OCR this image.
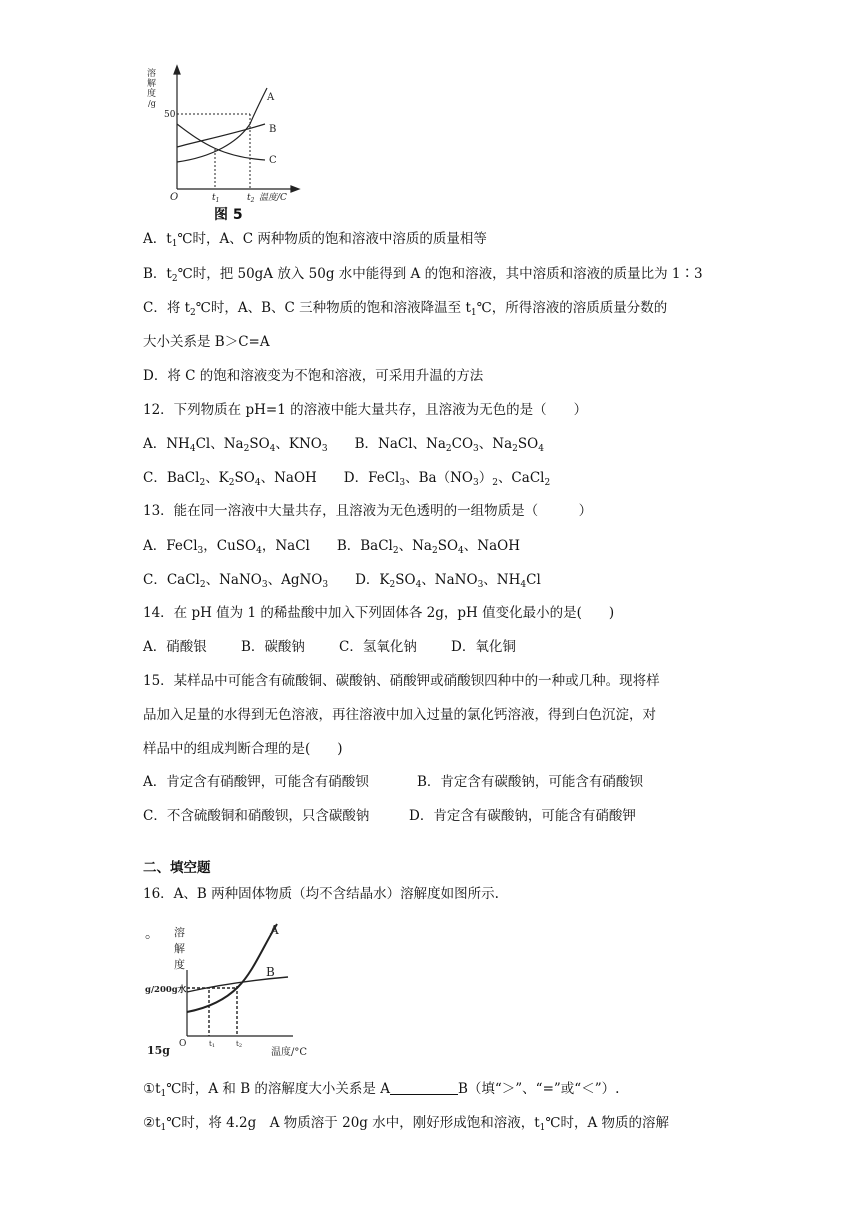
溶
解
度
/g
50
O	$t_1$	$t_2$ 温度/C
A
B
C
图 5
A．$t_1℃$时，A、C 两种物质的饱和溶液中溶质的质量相等
B．$t_2℃$时，把 50gA 放入 50g 水中能得到 A 的饱和溶液，其中溶质和溶液的质量比为 1∶3
C．将 $t_2℃$时，A、B、C 三种物质的饱和溶液降温至 $t_1℃$，所得溶液的溶质质量分数的
大小关系是 B＞C=A
D．将 C 的饱和溶液变为不饱和溶液，可采用升温的方法
12．下列物质在 pH=1 的溶液中能大量共存，且溶液为无色的是（　　）
A．$NH_4Cl$、$Na_2SO_4$、$KNO_3$　　B．NaCl、$Na_2CO_3$、$Na_2SO_4$
C．BaCl$_2$、$K_2SO_4$、NaOH　　D．FeCl$_3$、$Ba(NO_3)_2$、CaCl$_2$
13．能在同一溶液中大量共存，且溶液为无色透明的一组物质是（　　　）
A．FeCl$_3$，CuSO$_4$，NaCl　　B．BaCl$_2$、$Na_2SO_4$、NaOH
C．CaCl$_2$、NaNO$_3$、AgNO$_3$　　D．$K_2SO_4$、NaNO$_3$、$NH_4Cl$
14．在 pH 值为 1 的稀盐酸中加入下列固体各 2g，pH 值变化最小的是(　　)
A．硝酸银	B．碳酸钠	C．氢氧化钠	D．氧化铜
15．某样品中可能含有硫酸铜、碳酸钠、硝酸钾或硝酸钡四种中的一种或几种。现将样
品加入足量的水得到无色溶液，再往溶液中加入过量的氯化钙溶液，得到白色沉淀，对
样品中的组成判断合理的是(　　)
A．肯定含有硝酸钾，可能含有硝酸钡	B．肯定含有碳酸钠，可能含有硝酸钡
C．不含硫酸铜和硝酸钡，只含碳酸钠	D．肯定含有碳酸钠，可能含有硝酸钾
二、填空题
16．A、B 两种固体物质（均不含结晶水）溶解度如图所示.
。 溶
解
度
g/200g水
O	t1	t2
温度/°C
A
B
15g
$①t_1℃$时，A 和 B 的溶解度大小关系是 A	B（填“＞”、“=”或“＜”）.
$②t_1℃$时，将 4.2g　A 物质溶于 20g 水中，刚好形成饱和溶液，$t_1℃$时，A 物质的溶解
